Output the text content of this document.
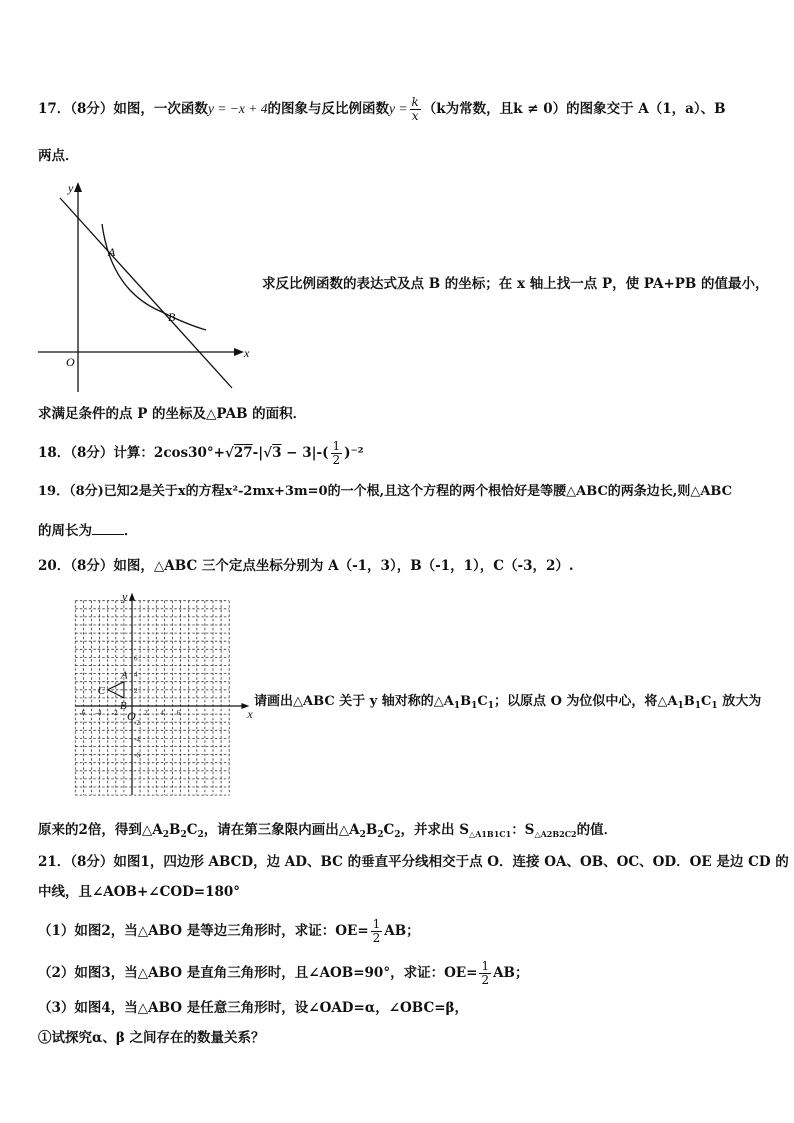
17．（8分）如图，一次函数y = −x + 4的图象与反比例函数$y = \frac{k}{x} (k$为常数，且k ≠ 0）的图象交于 A（1，a）、B
两点．
y
x
O
A
B
求反比例函数的表达式及点 B 的坐标；在 x 轴上找一点 P，使 PA+PB 的值最小，
求满足条件的点 P 的坐标及△PAB 的面积．
18．（8分）计算：$2\cos 30^\circ+√27-|√3 - 3|-( \frac{1}{2} )^{-2}$
19．（8分)已知2是关于x的方程x²-2mx+3m=0的一个根,且这个方程的两个根恰好是等腰△ABC的两条边长,则△ABC
的周长为 ．
20．（8分）如图，△ABC 三个定点坐标分别为 A（-1，3），B（-1，1），C（-3，2）.
-6 -4 -2	2 4 6
6
4
2
-2
-4
-6
x
y
O
A
B
C
请画出△ABC 关于 y 轴对称的$\triangle A_1B_1C_1$；以原点 O 为位似中心，将$\triangle A_1B_1C_1$ 放大为
原来的2倍，得到$\triangle A_2B_2C_2$，请在第三象限内画出$\triangle A_2B_2C_2$，并求出 $S_{\triangle A1B1C1}$：$S_{\triangle A2B2C2}$的值．
21．（8分）如图1，四边形 ABCD，边 AD、BC 的垂直平分线相交于点 O．连接 OA、OB、OC、OD．OE 是边 CD 的
中线，且∠AOB+∠COD=180°
（1）如图2，当△ABO 是等边三角形时，求证：$OE= \frac{1}{2}$ AB；
（2）如图3，当△ABO 是直角三角形时，且∠AOB=90°，求证：$OE= \frac{1}{2}$ AB；
（3）如图4，当△ABO 是任意三角形时，设∠OAD=α，∠OBC=β，
①试探究α、β 之间存在的数量关系？
